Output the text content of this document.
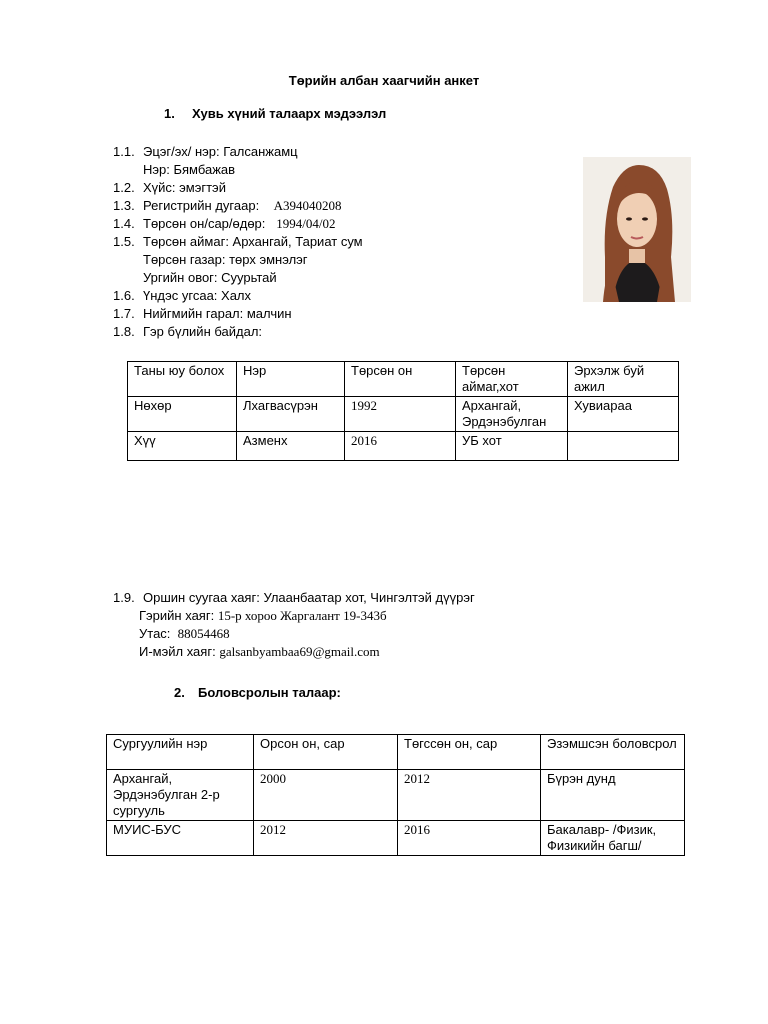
Төрийн албан хаагчийн анкет
1. Хувь хүний талаарх мэдээлэл
1.1. Эцэг/эх/ нэр: Галсанжамц
Нэр: Бямбажав
1.2. Хүйс: эмэгтэй
1.3. Регистрийн дугаар: А394040208
1.4. Төрсөн он/сар/өдөр: 1994/04/02
1.5. Төрсөн аймаг: Архангай, Тариат сум
Төрсөн газар: төрх эмнэлэг
Ургийн овог: Суурьтай
1.6. Үндэс угсаа: Халх
1.7. Нийгмийн гарал: малчин
1.8. Гэр бүлийн байдал:
Таны юу болох	Нэр	Төрсөн он	Төрсөн аймаг,хот	Эрхэлж буй ажил
Нөхөр	Лхагвасүрэн	1992	Архангай, Эрдэнэбулган	Хувиараа
Хүү	Азменх	2016	УБ хот	
1.9. Оршин суугаа хаяг: Улаанбаатар хот, Чингэлтэй дүүрэг
Гэрийн хаяг: 15-р хороо Жаргалант 19-343б
Утас: 88054468
И-мэйл хаяг: galsanbyambaa69@gmail.com
2. Боловсролын талаар:
Сургуулийн нэр	Орсон он, сар	Төгссөн он, сар	Эзэмшсэн боловсрол
Архангай, Эрдэнэбулган 2-р сургууль	2000	2012	Бүрэн дунд
МУИС-БУС	2012	2016	Бакалавр- /Физик, Физикийн багш/
